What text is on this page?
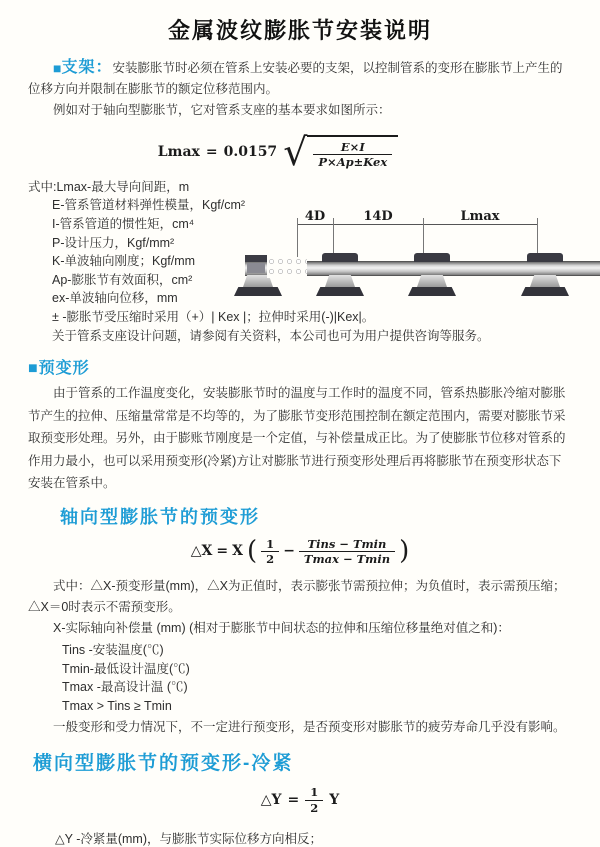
金属波纹膨胀节安装说明

■支架：安装膨胀节时必须在管系上安装必要的支架，以控制管系的变形在膨胀节上产生的位移方向并限制在膨胀节的额定位移范围内。

例如对于轴向型膨胀节，它对管系支座的基本要求如图所示：

Lmax = 0.0157 √ $\frac{E\times I}{\text{P×Ap±Kex}}$
式中:Lmax-最大导向间距，m
E-管系管道材料弹性模量，Kgf/cm²
I-管系管道的惯性矩，cm⁴
P-设计压力，Kgf/mm²
K-单波轴向刚度；Kgf/mm
Ap-膨胀节有效面积，cm²
ex-单波轴向位移，mm
± -膨胀节受压缩时采用（+）| Kex |；拉伸时采用(-)|Kex|。
关于管系支座设计问题，请参阅有关资料，本公司也可为用户提供咨询等服务。
4D	14D	Lmax
■预变形

由于管系的工作温度变化，安装膨胀节时的温度与工作时的温度不同，管系热膨胀冷缩对膨胀节产生的拉伸、压缩量常常是不均等的，为了膨胀节变形范围控制在额定范围内，需要对膨胀节采取预变形处理。另外，由于膨账节刚度是一个定值，与补偿量成正比。为了使膨胀节位移对管系的作用力最小，也可以采用预变形(冷紧)方让对膨胀节进行预变形处理后再将膨胀节在预变形状态下安装在管系中。

轴向型膨胀节的预变形
△X = X ( $\frac{1}{2} - \frac{\text{Tins − Tmin}}{Tmax - Tmin}$ )

式中：△X-预变形量(mm)，△X为正值时，表示膨张节需预拉伸；为负值时，表示需预压缩；△X＝0时表示不需预变形。

X-实际轴向补偿量 (mm) (相对于膨胀节中间状态的拉伸和压缩位移量绝对值之和)：

Tins -安装温度(℃)
Tmin-最低设计温度(℃)
Tmax -最高设计温 (℃)
Tmax > Tins ≥ Tmin

一般变形和受力情况下，不一定进行预变形，是否预变形对膨胀节的疲劳寿命几乎没有影响。

横向型膨胀节的预变形-冷紧
△Y = $\frac{1}{2}$ Y
△Y -冷紧量(mm)，与膨胀节实际位移方向相反；
